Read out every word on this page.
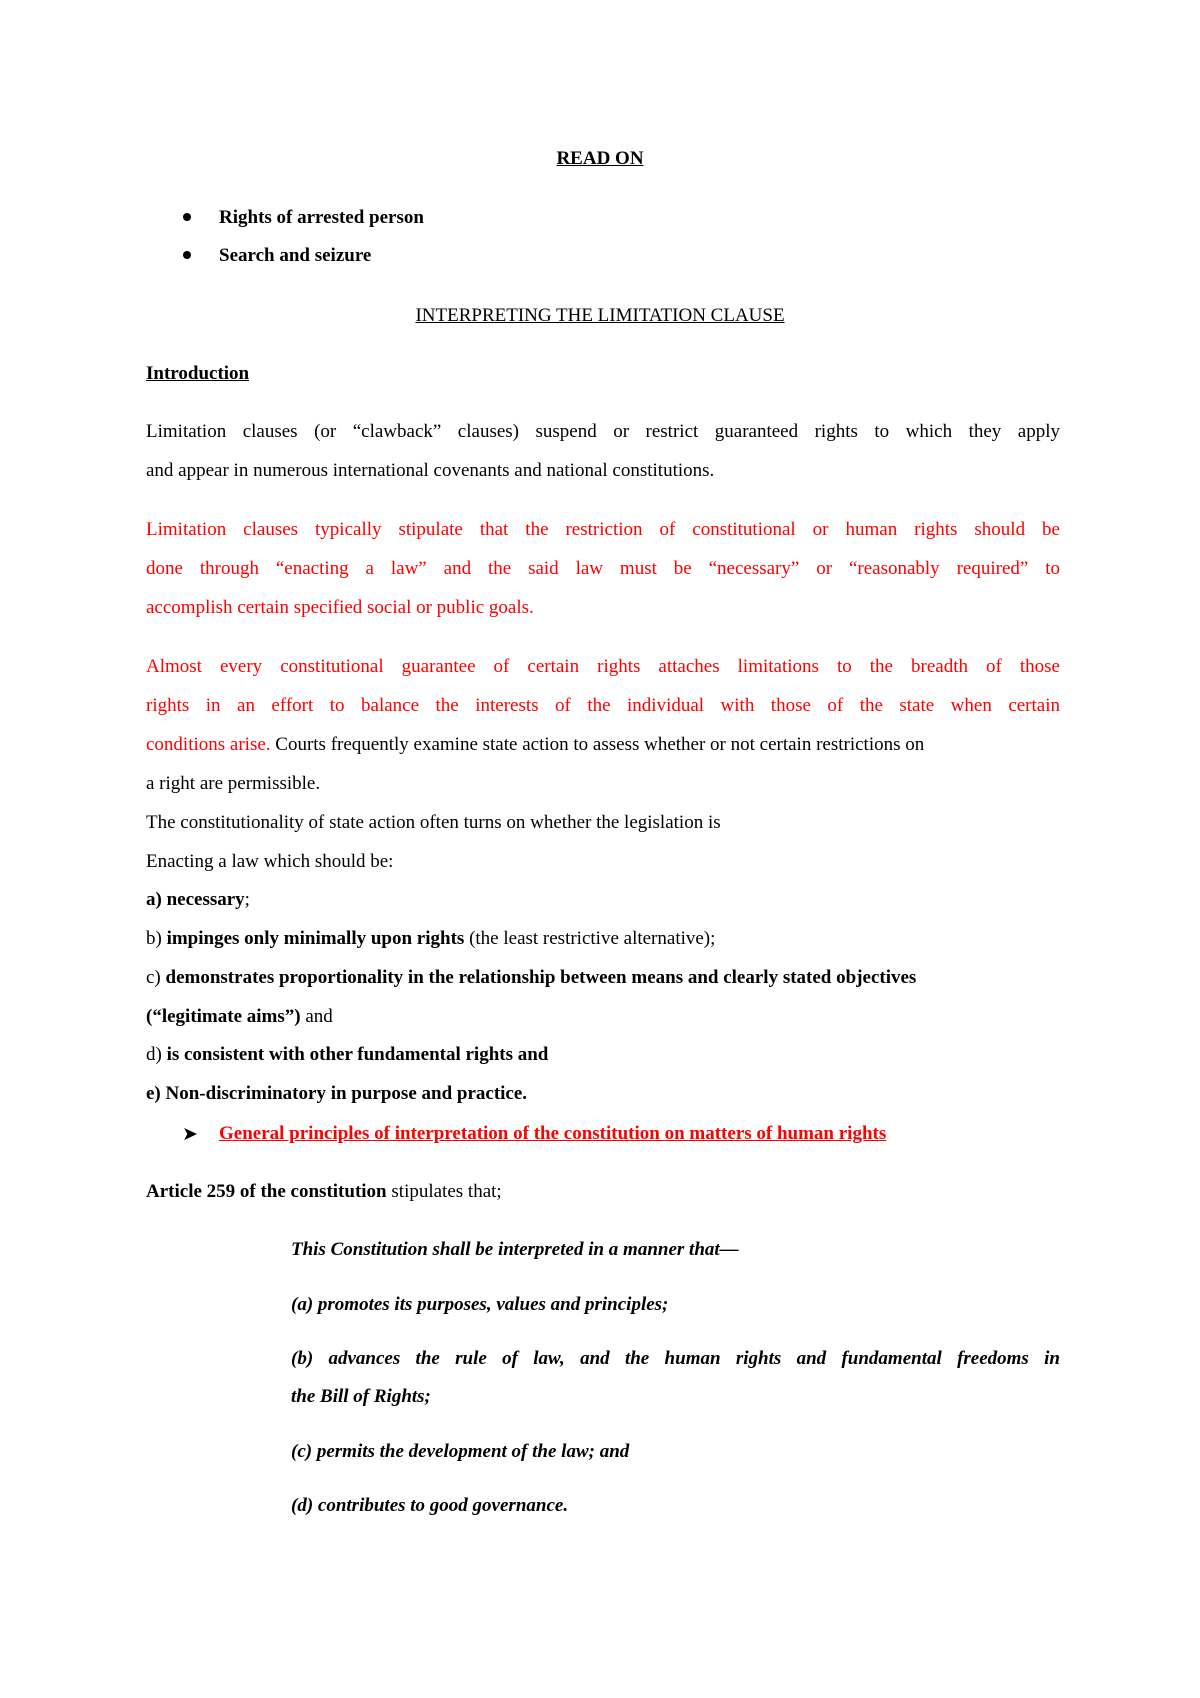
READ ON
Rights of arrested person
Search and seizure
INTERPRETING THE LIMITATION CLAUSE
Introduction
Limitation clauses (or “clawback” clauses) suspend or restrict guaranteed rights to which they apply
and appear in numerous international covenants and national constitutions.
Limitation clauses typically stipulate that the restriction of constitutional or human rights should be
done through “enacting a law” and the said law must be “necessary” or “reasonably required” to
accomplish certain specified social or public goals.
Almost every constitutional guarantee of certain rights attaches limitations to the breadth of those
rights in an effort to balance the interests of the individual with those of the state when certain
conditions arise. Courts frequently examine state action to assess whether or not certain restrictions on
a right are permissible.
The constitutionality of state action often turns on whether the legislation is
Enacting a law which should be:
a) necessary;
b) impinges only minimally upon rights (the least restrictive alternative);
c) demonstrates proportionality in the relationship between means and clearly stated objectives
(“legitimate aims”) and
d) is consistent with other fundamental rights and
e) Non-discriminatory in purpose and practice.
➤ General principles of interpretation of the constitution on matters of human rights
Article 259 of the constitution stipulates that;
This Constitution shall be interpreted in a manner that—
(a) promotes its purposes, values and principles;
(b) advances the rule of law, and the human rights and fundamental freedoms in
the Bill of Rights;
(c) permits the development of the law; and
(d) contributes to good governance.
